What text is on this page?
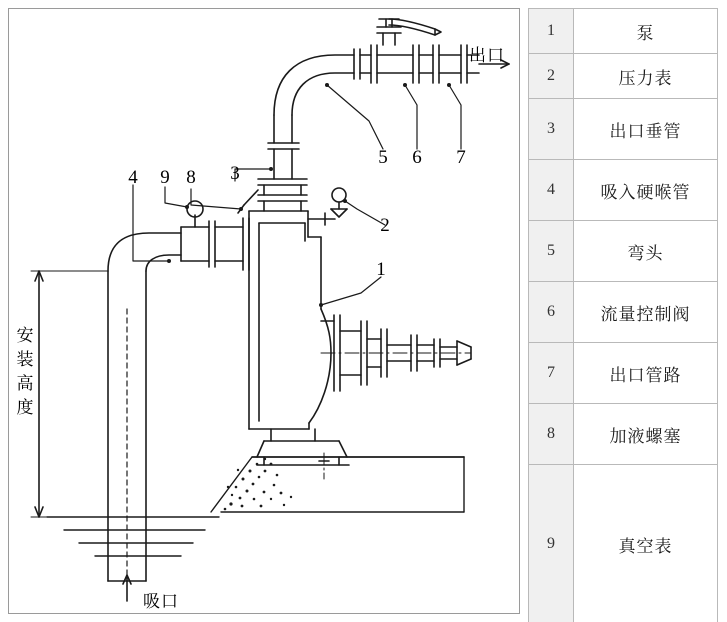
1
2
3
4
5 6 7
8
9
出口
吸口
安
装
高
度
1	泵
2	压力表
3	出口垂管
4	吸入硬喉管
5	弯头
6	流量控制阀
7	出口管路
8	加液螺塞
9	真空表
